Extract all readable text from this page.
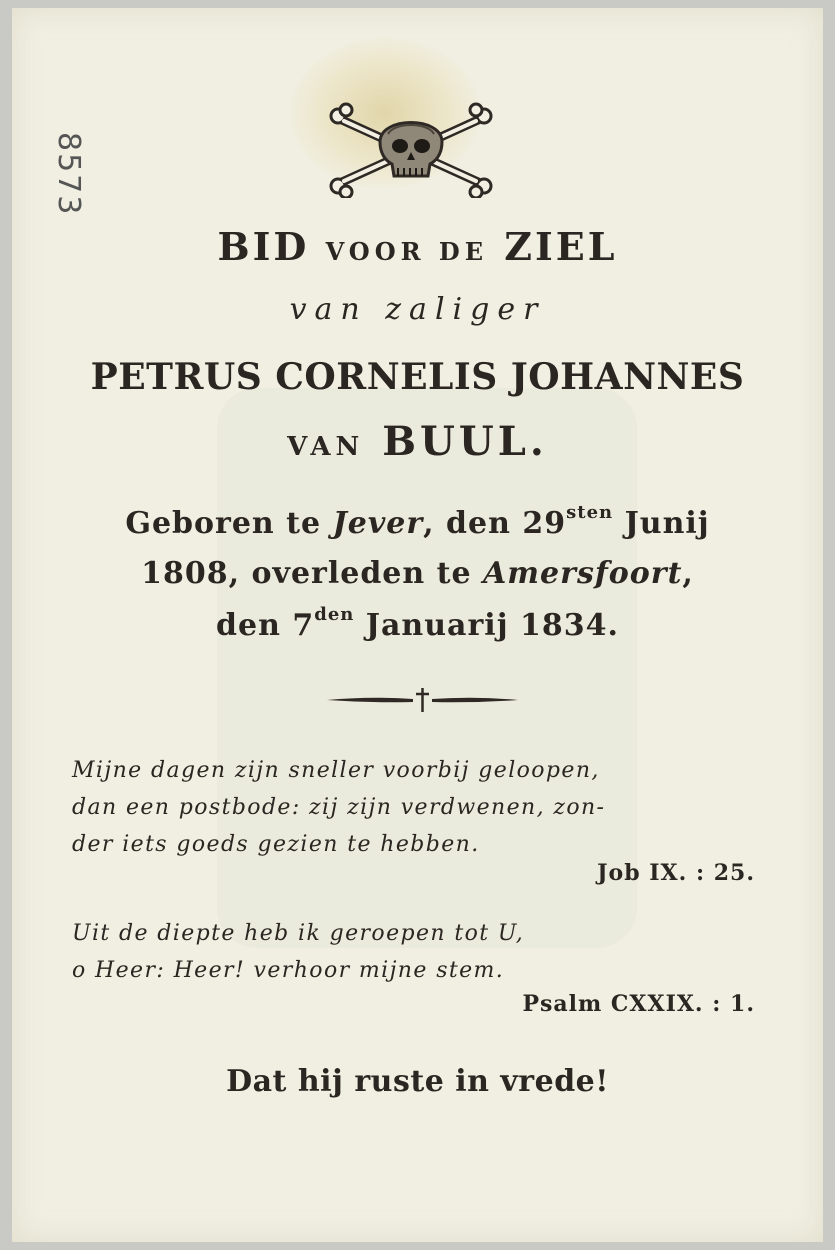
8573
BID VOOR DE ZIEL
van zaliger
PETRUS CORNELIS JOHANNES
VAN BUUL.
Geboren te Jever, den $29^{sten}$ Junij
1808, overleden te Amersfoort,
den $7^{den}$ Januarij 1834.
Mijne dagen zijn sneller voorbij geloopen,
dan een postbode: zij zijn verdwenen, zon-
der iets goeds gezien te hebben.
Job IX. : 25.
Uit de diepte heb ik geroepen tot U,
o Heer: Heer! verhoor mijne stem.
Psalm CXXIX. : 1.
Dat hij ruste in vrede!
